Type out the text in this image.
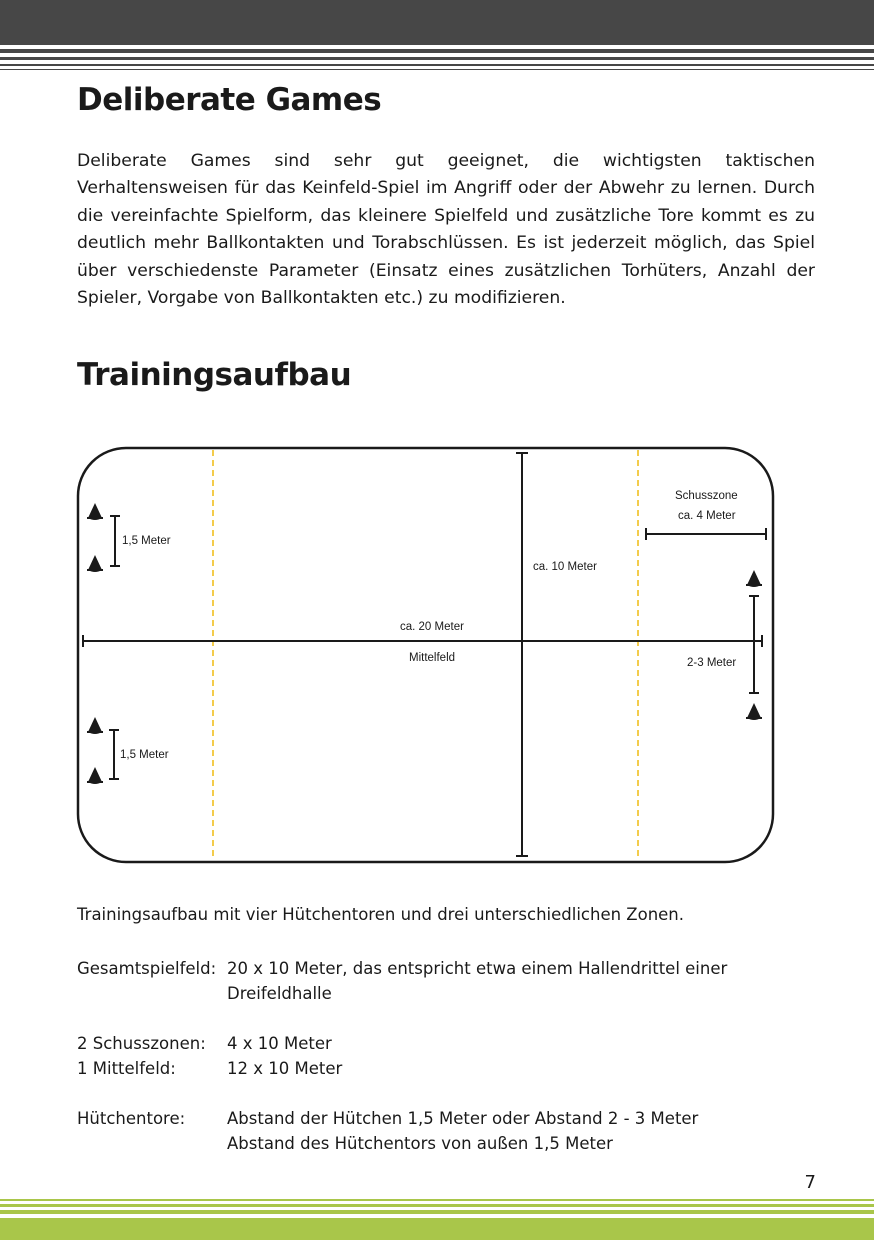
Deliberate Games

Deliberate Games sind sehr gut geeignet, die wichtigsten taktischen Verhaltensweisen für das Keinfeld-Spiel im Angriff oder der Abwehr zu lernen. Durch die vereinfachte Spielform, das kleinere Spielfeld und zusätzliche Tore kommt es zu deutlich mehr Ballkontakten und Torabschlüssen. Es ist jederzeit möglich, das Spiel über verschiedenste Parameter (Einsatz eines zusätzlichen Torhüters, Anzahl der Spieler, Vorgabe von Ballkontakten etc.) zu modifizieren.

Trainingsaufbau
ca. 10 Meter
ca. 20 Meter
Mittelfeld
Schusszone
ca. 4 Meter
1,5 Meter
1,5 Meter
2-3 Meter

Trainingsaufbau mit vier Hütchentoren und drei unterschiedlichen Zonen.

Gesamtspielfeld: 20 x 10 Meter, das entspricht etwa einem Hallendrittel einer Dreifeldhalle
2 Schusszonen:	4 x 10 Meter
1 Mittelfeld:	12 x 10 Meter
Hütchentore:	Abstand der Hütchen 1,5 Meter oder Abstand 2 - 3 Meter
Abstand des Hütchentors von außen 1,5 Meter
7
